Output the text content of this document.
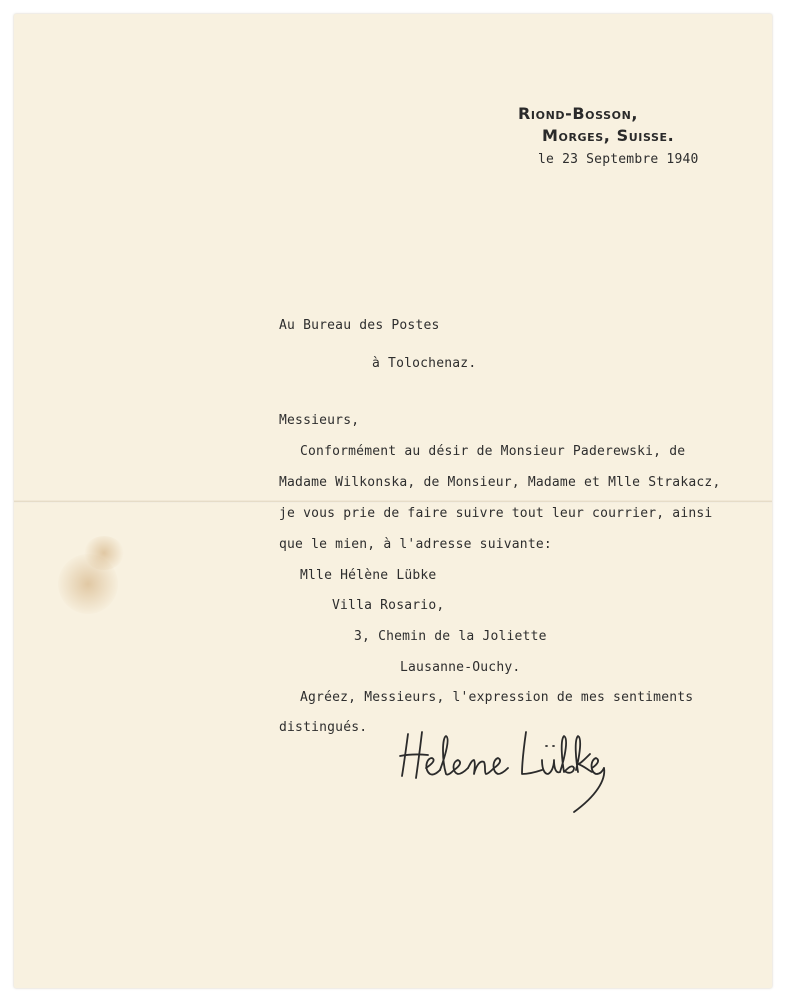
Riond-Bosson,
Morges, Suisse.
le 23 Septembre 1940
Au Bureau des Postes
à Tolochenaz.
Messieurs,
Conformément au désir de Monsieur Paderewski, de
Madame Wilkonska, de Monsieur, Madame et Mlle Strakacz,
je vous prie de faire suivre tout leur courrier, ainsi
que le mien, à l'adresse suivante:
Mlle Hélène Lübke
Villa Rosario,
3, Chemin de la Joliette
Lausanne-Ouchy.
Agréez, Messieurs, l'expression de mes sentiments
distingués.
